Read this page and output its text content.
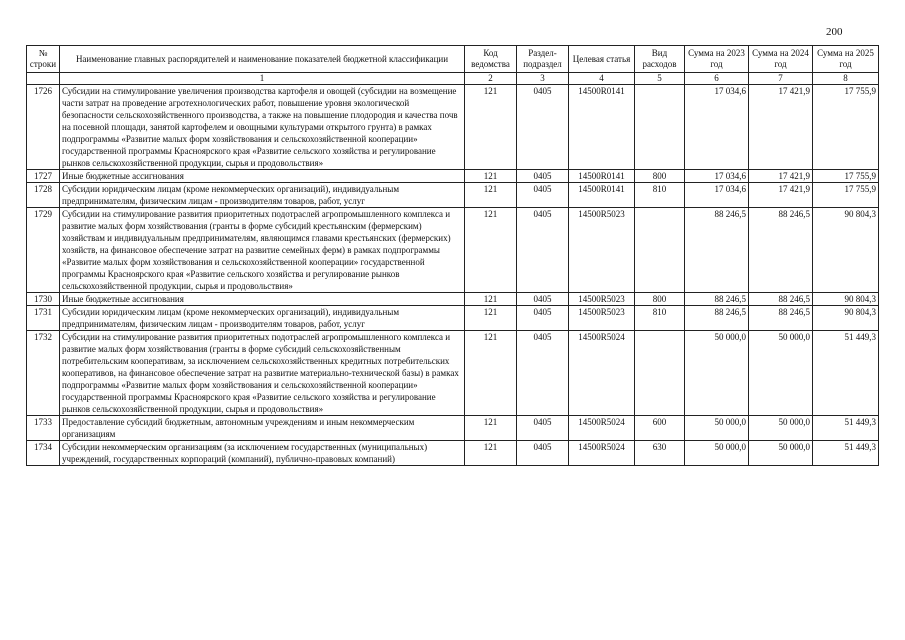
200
№ строки	Наименование главных распорядителей и наименование показателей бюджетной классификации	Код ведомства	Раздел-подраздел	Целевая статья	Вид расходов	Сумма на 2023 год	Сумма на 2024 год	Сумма на 2025 год
	1	2	3	4	5	6	7	8
1726	Субсидии на стимулирование увеличения производства картофеля и овощей (субсидии на возмещение части затрат на проведение агротехнологических работ, повышение уровня экологической безопасности сельскохозяйственного производства, а также на повышение плодородия и качества почв на посевной площади, занятой картофелем и овощными культурами открытого грунта) в рамках подпрограммы «Развитие малых форм хозяйствования и сельскохозяйственной кооперации» государственной программы Красноярского края «Развитие сельского хозяйства и регулирование рынков сельскохозяйственной продукции, сырья и продовольствия»	121	0405	14500R0141		17 034,6	17 421,9	17 755,9
1727	Иные бюджетные ассигнования	121	0405	14500R0141	800	17 034,6	17 421,9	17 755,9
1728	Субсидии юридическим лицам (кроме некоммерческих организаций), индивидуальным предпринимателям, физическим лицам - производителям товаров, работ, услуг	121	0405	14500R0141	810	17 034,6	17 421,9	17 755,9
1729	Субсидии на стимулирование развития приоритетных подотраслей агропромышленного комплекса и развитие малых форм хозяйствования (гранты в форме субсидий крестьянским (фермерским) хозяйствам и индивидуальным предпринимателям, являющимся главами крестьянских (фермерских) хозяйств, на финансовое обеспечение затрат на развитие семейных ферм) в рамках подпрограммы «Развитие малых форм хозяйствования и сельскохозяйственной кооперации» государственной программы Красноярского края «Развитие сельского хозяйства и регулирование рынков сельскохозяйственной продукции, сырья и продовольствия»	121	0405	14500R5023		88 246,5	88 246,5	90 804,3
1730	Иные бюджетные ассигнования	121	0405	14500R5023	800	88 246,5	88 246,5	90 804,3
1731	Субсидии юридическим лицам (кроме некоммерческих организаций), индивидуальным предпринимателям, физическим лицам - производителям товаров, работ, услуг	121	0405	14500R5023	810	88 246,5	88 246,5	90 804,3
1732	Субсидии на стимулирование развития приоритетных подотраслей агропромышленного комплекса и развитие малых форм хозяйствования (гранты в форме субсидий сельскохозяйственным потребительским кооперативам, за исключением сельскохозяйственных кредитных потребительских кооперативов, на финансовое обеспечение затрат на развитие материально-технической базы) в рамках подпрограммы «Развитие малых форм хозяйствования и сельскохозяйственной кооперации» государственной программы Красноярского края «Развитие сельского хозяйства и регулирование рынков сельскохозяйственной продукции, сырья и продовольствия»	121	0405	14500R5024		50 000,0	50 000,0	51 449,3
1733	Предоставление субсидий бюджетным, автономным учреждениям и иным некоммерческим организациям	121	0405	14500R5024	600	50 000,0	50 000,0	51 449,3
1734	Субсидии некоммерческим организациям (за исключением государственных (муниципальных) учреждений, государственных корпораций (компаний), публично-правовых компаний)	121	0405	14500R5024	630	50 000,0	50 000,0	51 449,3
